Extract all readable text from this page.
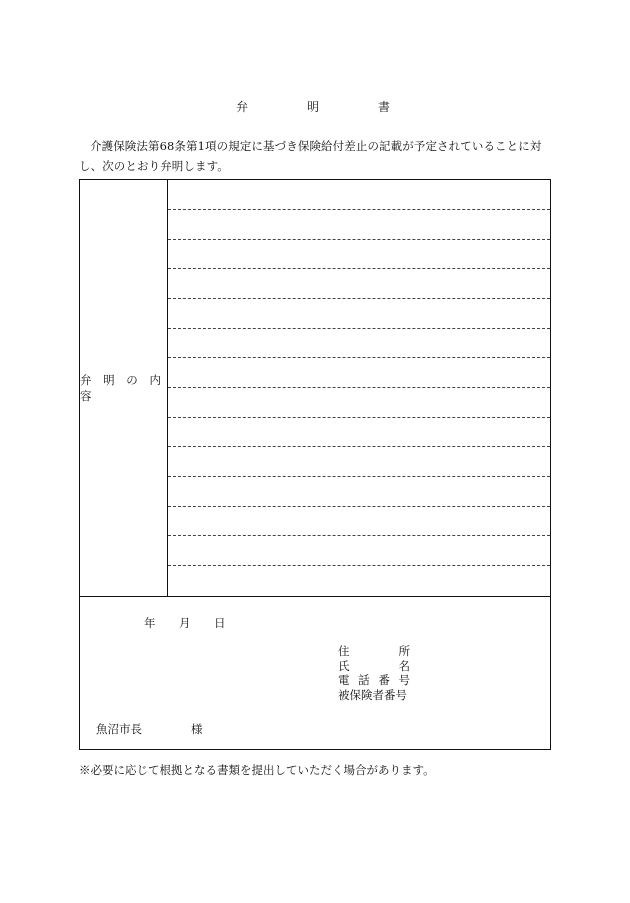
弁	明	書
介護保険法第68条第1項の規定に基づき保険給付差止の記載が予定されていることに対
し、次のとおり弁明します。
弁 明 の 内 容
年 月 日
住	所
氏	名
電 話 番 号
被保険者番号
魚沼市長	様
※必要に応じて根拠となる書類を提出していただく場合があります。
